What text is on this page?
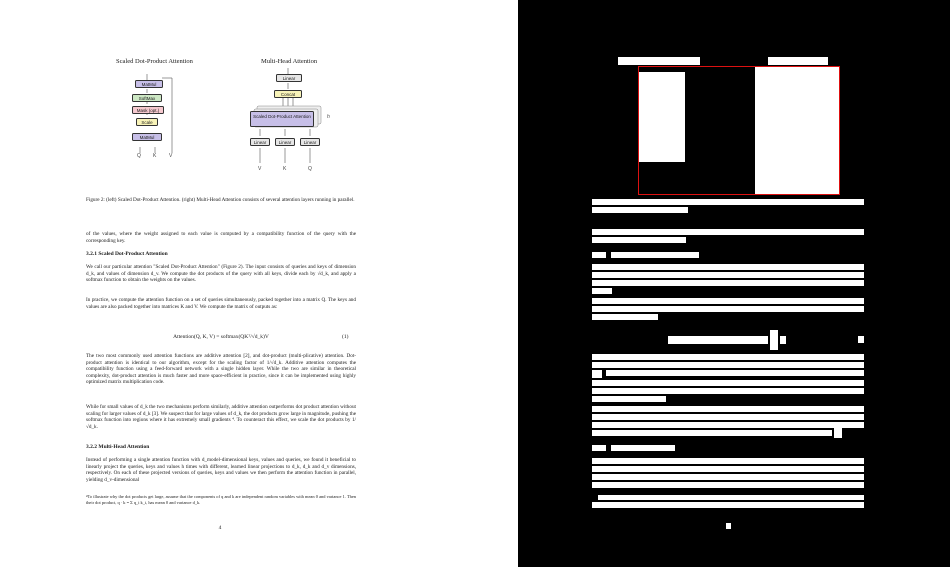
Scaled Dot-Product Attention
MatMul
SoftMax
Mask (opt.)
Scale
MatMul
Q K	V
Multi-Head Attention
Linear
Concat
Scaled Dot-Product Attention	h
Linear	Linear	Linear
V	K	Q
Figure 2: (left) Scaled Dot-Product Attention. (right) Multi-Head Attention consists of several attention layers running in parallel.
of the values, where the weight assigned to each value is computed by a compatibility function of the query with the corresponding key.
3.2.1 Scaled Dot-Product Attention
We call our particular attention "Scaled Dot-Product Attention" (Figure 2). The input consists of queries and keys of dimension d_k, and values of dimension d_v. We compute the dot products of the query with all keys, divide each by √d_k, and apply a softmax function to obtain the weights on the values.
In practice, we compute the attention function on a set of queries simultaneously, packed together into a matrix Q. The keys and values are also packed together into matrices K and V. We compute the matrix of outputs as:
Attention(Q, K, V) = softmax(QKᵀ/√d_k)V	(1)
The two most commonly used attention functions are additive attention [2], and dot-product (multi-plicative) attention. Dot-product attention is identical to our algorithm, except for the scaling factor of 1/√d_k. Additive attention computes the compatibility function using a feed-forward network with a single hidden layer. While the two are similar in theoretical complexity, dot-product attention is much faster and more space-efficient in practice, since it can be implemented using highly optimized matrix multiplication code.
While for small values of d_k the two mechanisms perform similarly, additive attention outperforms dot product attention without scaling for larger values of d_k [3]. We suspect that for large values of d_k, the dot products grow large in magnitude, pushing the softmax function into regions where it has extremely small gradients ⁴. To counteract this effect, we scale the dot products by 1/√d_k.
3.2.2 Multi-Head Attention
Instead of performing a single attention function with d_model-dimensional keys, values and queries, we found it beneficial to linearly project the queries, keys and values h times with different, learned linear projections to d_k, d_k and d_v dimensions, respectively. On each of these projected versions of queries, keys and values we then perform the attention function in parallel, yielding d_v-dimensional
⁴To illustrate why the dot products get large, assume that the components of q and k are independent random variables with mean 0 and variance 1. Then their dot product, q · k = Σ q_i k_i, has mean 0 and variance d_k.
4
